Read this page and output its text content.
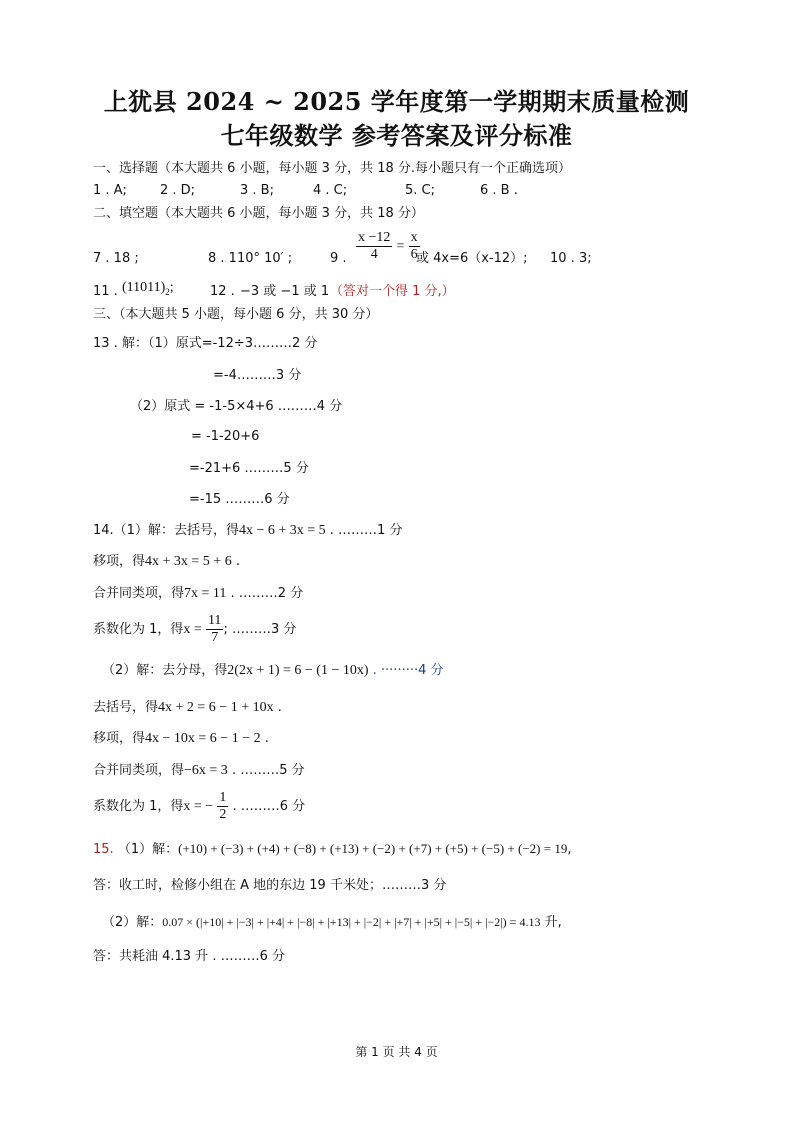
上犹县 2024 ~ 2025 学年度第一学期期末质量检测
七年级数学 参考答案及评分标准
一、选择题（本大题共 6 小题，每小题 3 分，共 18 分.每小题只有一个正确选项）
1 . A;	2 . D;	3 . B;	4 . C;	5. C;	6 . B .
二、填空题（本大题共 6 小题，每小题 3 分，共 18 分）
7 . 18 ;	8 . 110° 10′ ;	9 . $\frac{x -12}{4} = \frac{x}{6}$
或 4x=6（x-12）; 10 . 3;
11 . $(11011)_2$;	12 . −3 或 −1 或 1 （答对一个得 1 分,）
三、（本大题共 5 小题，每小题 6 分，共 30 分）
13 . 解：（1）原式=-12÷3………2 分
=-4………3 分
（2）原式 = -1-5×4+6 ………4 分
= -1-20+6
=-21+6 ………5 分
=-15 ………6 分
14.（1）解：去括号，得4x − 6 + 3x = 5 . ………1 分
移项，得4x + 3x = 5 + 6 .
合并同类项，得7x = 11 . ………2 分
系数化为 1，得$x = \frac{11}{7}$ ; ………3 分
（2）解：去分母，得2(2x + 1) = 6 − (1 − 10x) . ·········4 分
去括号，得4x + 2 = 6 − 1 + 10x .
移项，得4x − 10x = 6 − 1 − 2 .
合并同类项，得−6x = 3 . ………5 分
系数化为 1，得x = − $\frac{1}{2}$ . ………6 分
15. （1）解：(+10) + (−3) + (+4) + (−8) + (+13) + (−2) + (+7) + (+5) + (−5) + (−2) = 19,
答：收工时，检修小组在 A 地的东边 19 千米处；………3 分
（2）解：0.07 × (|+10| + |−3| + |+4| + |−8| + |+13| + |−2| + |+7| + |+5| + |−5| + |−2|) = 4.13 升,
答：共耗油 4.13 升 . ………6 分
第 1 页 共 4 页
